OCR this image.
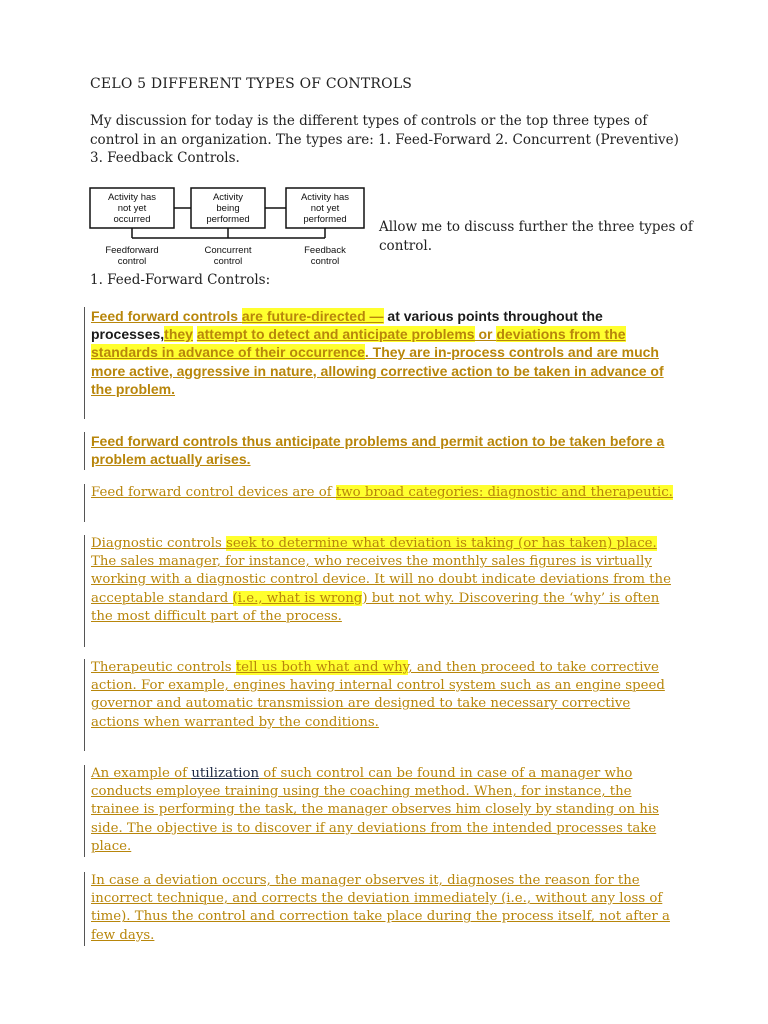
CELO 5 DIFFERENT TYPES OF CONTROLS
My discussion for today is the different types of controls or the top three types of control in an organization. The types are: 1. Feed-Forward 2. Concurrent (Preventive) 3. Feedback Controls.
Activity has
not yet
occurred
Activity
being
performed
Activity has
not yet
performed
Feedforward
control
Concurrent
control
Feedback
control
Allow me to discuss further the three types of control.
1. Feed-Forward Controls:
Feed forward controls are future-directed — at various points throughout the processes,they attempt to detect and anticipate problems or deviations from the standards in advance of their occurrence. They are in-process controls and are much more active, aggressive in nature, allowing corrective action to be taken in advance of the problem.
Feed forward controls thus anticipate problems and permit action to be taken before a problem actually arises.
Feed forward control devices are of two broad categories: diagnostic and therapeutic.
Diagnostic controls seek to determine what deviation is taking (or has taken) place. The sales manager, for instance, who receives the monthly sales figures is virtually working with a diagnostic control device. It will no doubt indicate deviations from the acceptable standard (i.e., what is wrong) but not why. Discovering the ‘why’ is often the most difficult part of the process.
Therapeutic controls tell us both what and why, and then proceed to take corrective action. For example, engines having internal control system such as an engine speed governor and automatic transmission are designed to take necessary corrective actions when warranted by the conditions.
An example of utilization of such control can be found in case of a manager who conducts employee training using the coaching method. When, for instance, the trainee is performing the task, the manager observes him closely by standing on his side. The objective is to discover if any deviations from the intended processes take place.
In case a deviation occurs, the manager observes it, diagnoses the reason for the incorrect technique, and corrects the deviation immediately (i.e., without any loss of time). Thus the control and correction take place during the process itself, not after a few days.
